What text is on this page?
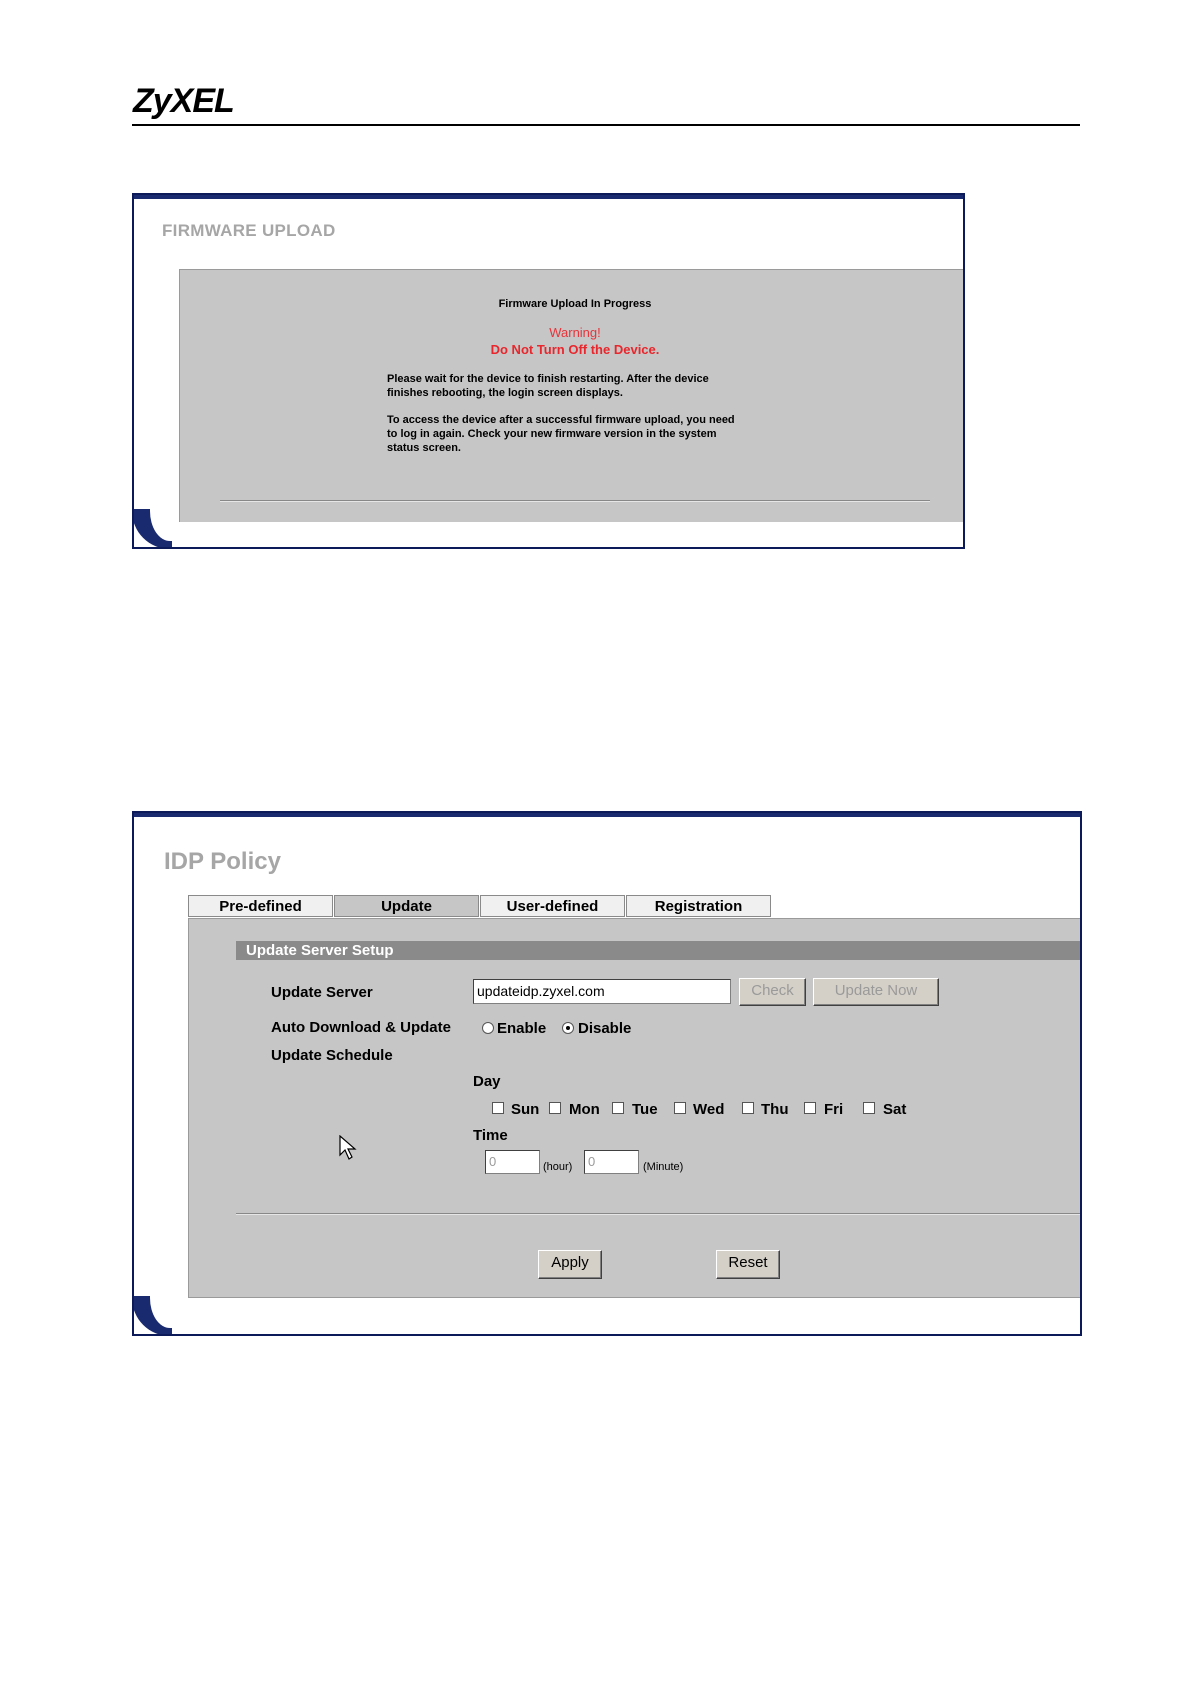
ZyXEL
FIRMWARE UPLOAD
Firmware Upload In Progress
Warning!
Do Not Turn Off the Device.
Please wait for the device to finish restarting. After the device finishes rebooting, the login screen displays.
To access the device after a successful firmware upload, you need to log in again. Check your new firmware version in the system status screen.
IDP Policy
Pre-defined	Update	User-defined	Registration
Update Server Setup
Update Server	updateidp.zyxel.com	Check	Update Now
Auto Download & Update	Enable Disable
Update Schedule
Day
Sun Mon Tue Wed Thu Fri	Sat
Time
0	(hour)	0	(Minute)
Apply	Reset
